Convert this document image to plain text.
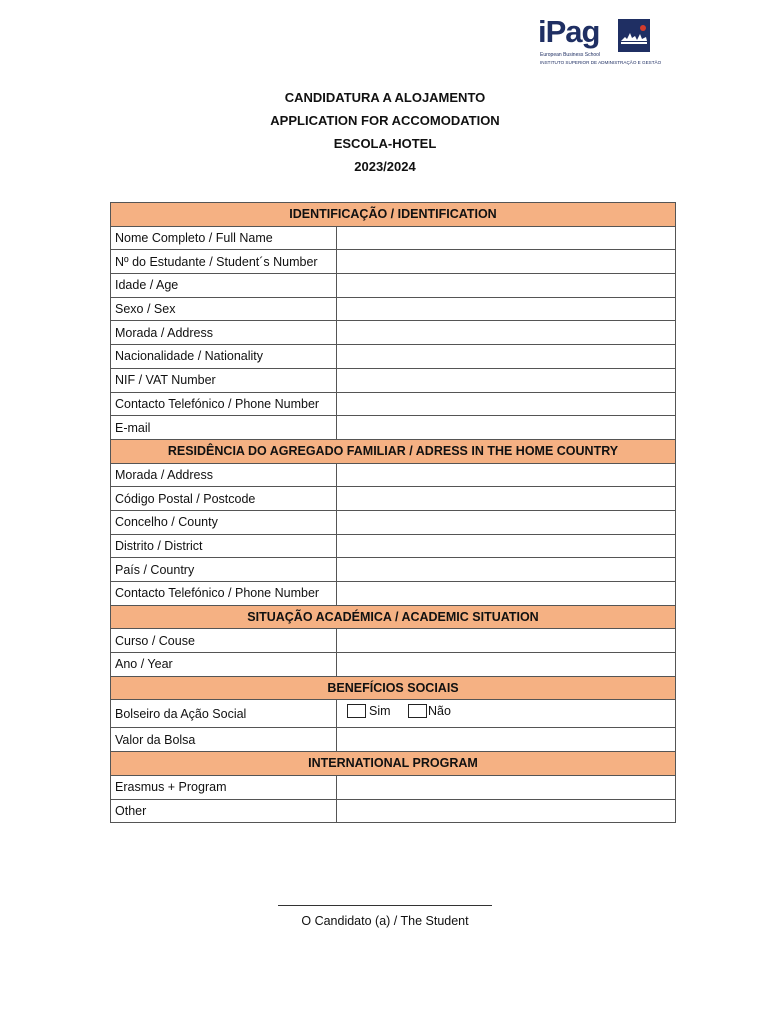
iPag
European Business School
INSTITUTO SUPERIOR DE ADMINISTRAÇÃO E GESTÃO
CANDIDATURA A ALOJAMENTO
APPLICATION FOR ACCOMODATION
ESCOLA-HOTEL
2023/2024
IDENTIFICAÇÃO / IDENTIFICATION	
Nome Completo / Full Name	
Nº do Estudante / Student´s Number	
Idade / Age	
Sexo / Sex	
Morada / Address	
Nacionalidade / Nationality	
NIF / VAT Number	
Contacto Telefónico / Phone Number	
E-mail	
RESIDÊNCIA DO AGREGADO FAMILIAR / ADRESS IN THE HOME COUNTRY	
Morada / Address	
Código Postal / Postcode	
Concelho / County	
Distrito / District	
País / Country	
Contacto Telefónico / Phone Number	
SITUAÇÃO ACADÉMICA / ACADEMIC SITUATION	
Curso / Couse	
Ano / Year	
BENEFÍCIOS SOCIAIS	
Bolseiro da Ação Social	Sim Não
Valor da Bolsa	
INTERNATIONAL PROGRAM	
Erasmus + Program	
Other	
O Candidato (a) / The Student
